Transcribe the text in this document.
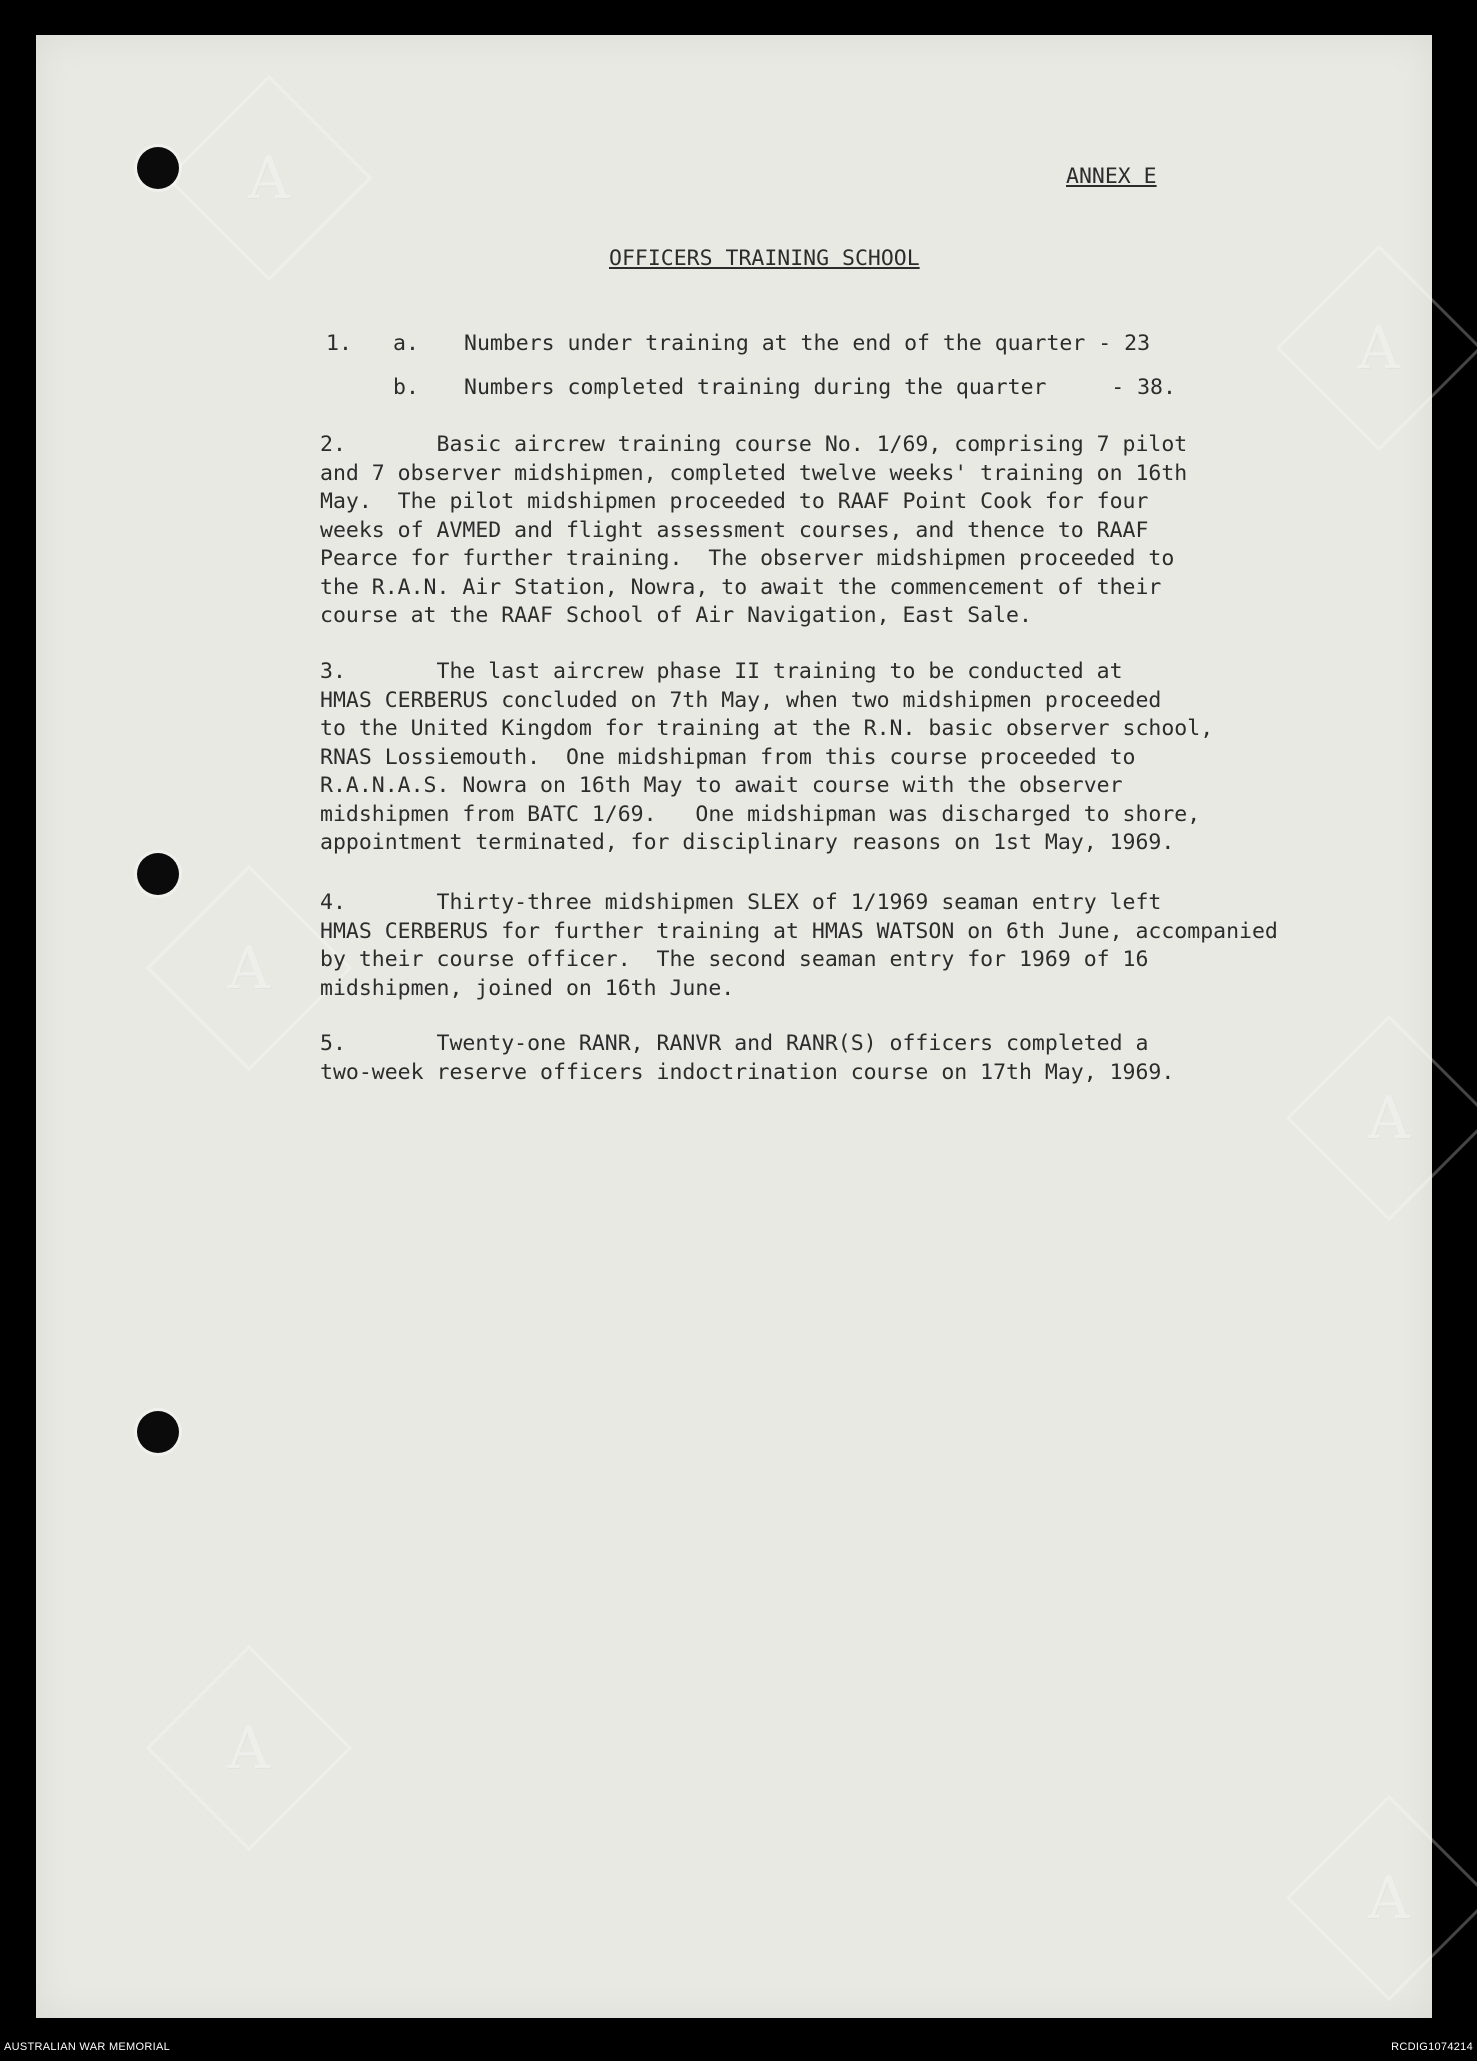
A
A
A
A
A
A
ANNEX E
OFFICERS TRAINING SCHOOL
1. a. Numbers under training at the end of the quarter - 23
b. Numbers completed training during the quarter     - 38.
2.       Basic aircrew training course No. 1/69, comprising 7 pilot
and 7 observer midshipmen, completed twelve weeks' training on 16th
May.  The pilot midshipmen proceeded to RAAF Point Cook for four
weeks of AVMED and flight assessment courses, and thence to RAAF
Pearce for further training.  The observer midshipmen proceeded to
the R.A.N. Air Station, Nowra, to await the commencement of their
course at the RAAF School of Air Navigation, East Sale.
3.       The last aircrew phase II training to be conducted at
HMAS CERBERUS concluded on 7th May, when two midshipmen proceeded
to the United Kingdom for training at the R.N. basic observer school,
RNAS Lossiemouth.  One midshipman from this course proceeded to
R.A.N.A.S. Nowra on 16th May to await course with the observer
midshipmen from BATC 1/69.   One midshipman was discharged to shore,
appointment terminated, for disciplinary reasons on 1st May, 1969.
4.       Thirty-three midshipmen SLEX of 1/1969 seaman entry left
HMAS CERBERUS for further training at HMAS WATSON on 6th June, accompanied
by their course officer.  The second seaman entry for 1969 of 16
midshipmen, joined on 16th June.
5.       Twenty-one RANR, RANVR and RANR(S) officers completed a
two-week reserve officers indoctrination course on 17th May, 1969.
AUSTRALIAN WAR MEMORIAL	RCDIG1074214
